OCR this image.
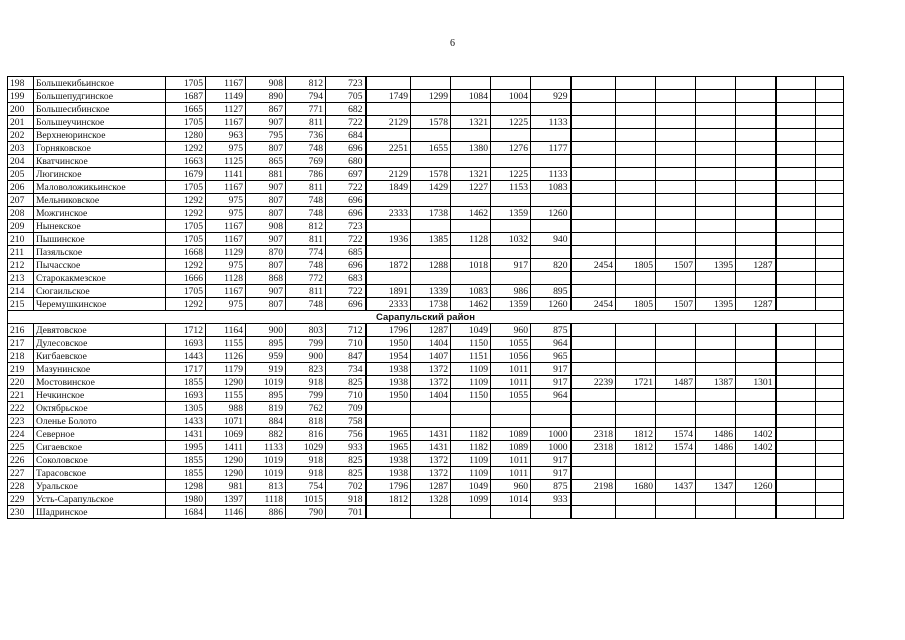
6
198	Большекибьинское	1705	1167	908	812	723												
199	Большепудгинское	1687	1149	890	794	705	1749	1299	1084	1004	929							
200	Большесибинское	1665	1127	867	771	682												
201	Большеучинское	1705	1167	907	811	722	2129	1578	1321	1225	1133							
202	Верхнеюринское	1280	963	795	736	684												
203	Горняковское	1292	975	807	748	696	2251	1655	1380	1276	1177							
204	Кватчинское	1663	1125	865	769	680												
205	Люгинское	1679	1141	881	786	697	2129	1578	1321	1225	1133							
206	Маловоложикьинское	1705	1167	907	811	722	1849	1429	1227	1153	1083							
207	Мельниковское	1292	975	807	748	696												
208	Можгинское	1292	975	807	748	696	2333	1738	1462	1359	1260							
209	Нынекское	1705	1167	908	812	723												
210	Пышинское	1705	1167	907	811	722	1936	1385	1128	1032	940							
211	Пазяльское	1668	1129	870	774	685												
212	Пычасское	1292	975	807	748	696	1872	1288	1018	917	820	2454	1805	1507	1395	1287		
213	Старокакмезское	1666	1128	868	772	683												
214	Сюгаильское	1705	1167	907	811	722	1891	1339	1083	986	895							
215	Черемушкинское	1292	975	807	748	696	2333	1738	1462	1359	1260	2454	1805	1507	1395	1287		
Сарапульский район																		
216	Девятовское	1712	1164	900	803	712	1796	1287	1049	960	875							
217	Дулесовское	1693	1155	895	799	710	1950	1404	1150	1055	964							
218	Кигбаевское	1443	1126	959	900	847	1954	1407	1151	1056	965							
219	Мазунинское	1717	1179	919	823	734	1938	1372	1109	1011	917							
220	Мостовинское	1855	1290	1019	918	825	1938	1372	1109	1011	917	2239	1721	1487	1387	1301		
221	Нечкинское	1693	1155	895	799	710	1950	1404	1150	1055	964							
222	Октябрьское	1305	988	819	762	709												
223	Оленье Болото	1433	1071	884	818	758												
224	Северное	1431	1069	882	816	756	1965	1431	1182	1089	1000	2318	1812	1574	1486	1402		
225	Сигаевское	1995	1411	1133	1029	933	1965	1431	1182	1089	1000	2318	1812	1574	1486	1402		
226	Соколовское	1855	1290	1019	918	825	1938	1372	1109	1011	917							
227	Тарасовское	1855	1290	1019	918	825	1938	1372	1109	1011	917							
228	Уральское	1298	981	813	754	702	1796	1287	1049	960	875	2198	1680	1437	1347	1260		
229	Усть-Сарапульское	1980	1397	1118	1015	918	1812	1328	1099	1014	933							
230	Шадринское	1684	1146	886	790	701												
